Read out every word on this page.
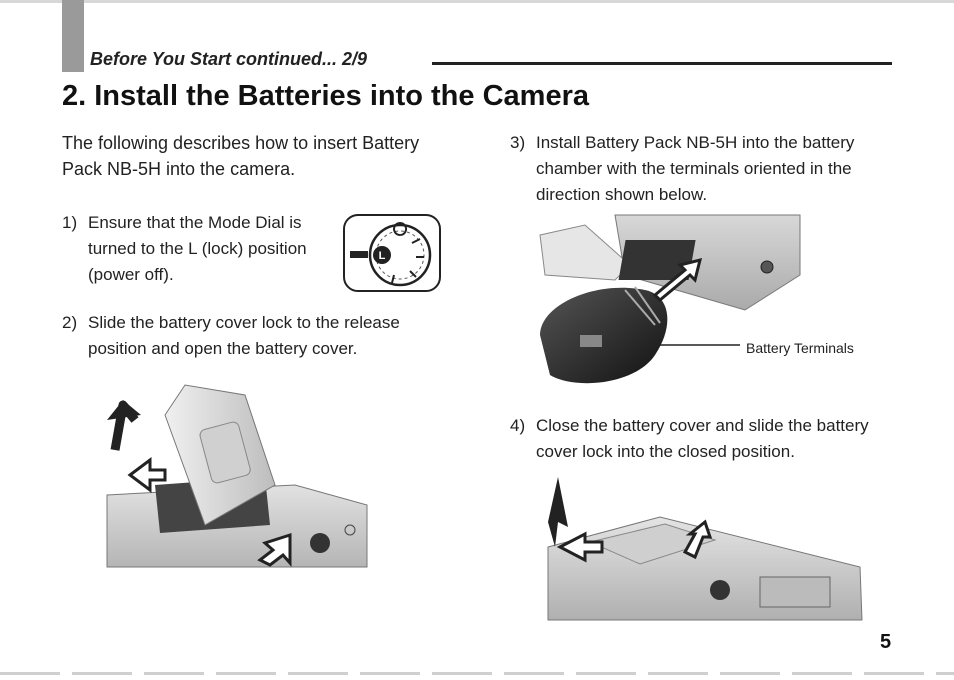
Before You Start continued... 2/9
2. Install the Batteries into the Camera
The following describes how to insert Battery Pack NB-5H into the camera.
1) Ensure that the Mode Dial is turned to the L (lock) position (power off).
L
2) Slide the battery cover lock to the release position and open the battery cover.
3) Install Battery Pack NB-5H into the battery chamber with the terminals oriented in the direction shown below.
Battery Terminals
4) Close the battery cover and slide the battery cover lock into the closed position.
5
